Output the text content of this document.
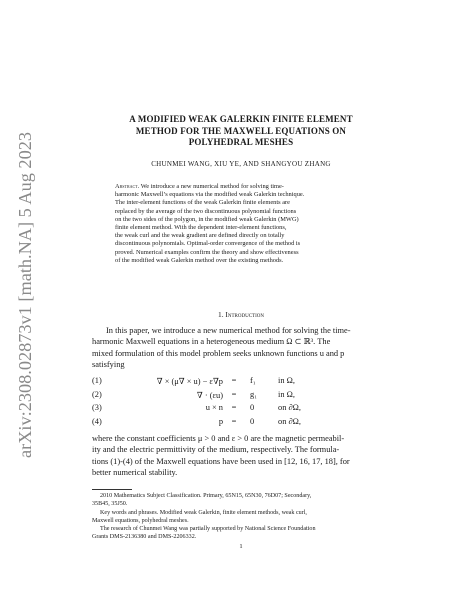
arXiv:2308.02873v1 [math.NA] 5 Aug 2023
A MODIFIED WEAK GALERKIN FINITE ELEMENT
METHOD FOR THE MAXWELL EQUATIONS ON
POLYHEDRAL MESHES
CHUNMEI WANG, XIU YE, AND SHANGYOU ZHANG
Abstract. We introduce a new numerical method for solving time-
harmonic Maxwell’s equations via the modified weak Galerkin technique.
The inter-element functions of the weak Galerkin finite elements are
replaced by the average of the two discontinuous polynomial functions
on the two sides of the polygon, in the modified weak Galerkin (MWG)
finite element method. With the dependent inter-element functions,
the weak curl and the weak gradient are defined directly on totally
discontinuous polynomials. Optimal-order convergence of the method is
proved. Numerical examples confirm the theory and show effectiveness
of the modified weak Galerkin method over the existing methods.
1. Introduction
In this paper, we introduce a new numerical method for solving the time-
harmonic Maxwell equations in a heterogeneous medium Ω ⊂ ℝ³. The
mixed formulation of this model problem seeks unknown functions u and p
satisfying
(1)	∇ × (μ∇ × u) − ε∇p	=	f₁	in Ω,
(2)	∇ · (εu)	=	g₁ in Ω,
(3)	u × n	=	0	on ∂Ω,
(4)	p	=	0	on ∂Ω,
where the constant coefficients μ > 0 and ε > 0 are the magnetic permeabil-
ity and the electric permittivity of the medium, respectively. The formula-
tions (1)-(4) of the Maxwell equations have been used in [12, 16, 17, 18], for
better numerical stability.
2010 Mathematics Subject Classification. Primary, 65N15, 65N30, 76D07; Secondary,
35B45, 35J50.
Key words and phrases. Modified weak Galerkin, finite element methods, weak curl,
Maxwell equations, polyhedral meshes.
The research of Chunmei Wang was partially supported by National Science Foundation
Grants DMS-2136380 and DMS-2206332.
1
